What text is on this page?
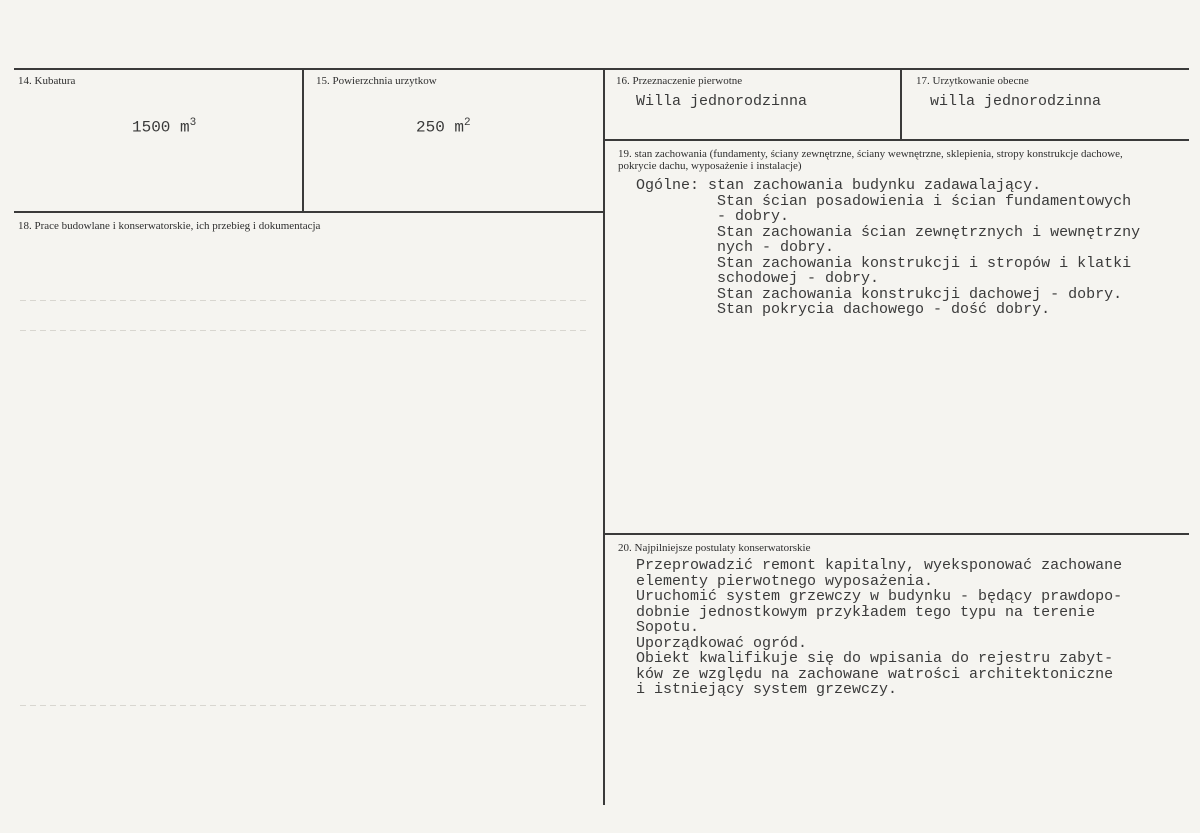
14. Kubatura
1500 $m^3$
15. Powierzchnia urzytkow
250 $m^2$
16. Przeznaczenie pierwotne
Willa jednorodzinna
17. Urzytkowanie obecne
willa jednorodzinna
18. Prace budowlane i konserwatorskie, ich przebieg i dokumentacja
19. stan zachowania (fundamenty, ściany zewnętrzne, ściany wewnętrzne, sklepienia, stropy konstrukcje dachowe, pokrycie dachu, wyposażenie i instalacje)
Ogólne: stan zachowania budynku zadawalający.
Stan ścian posadowienia i ścian fundamentowych
- dobry.
Stan zachowania ścian zewnętrznych i wewnętrzny
nych - dobry.
Stan zachowania konstrukcji i stropów i klatki
schodowej - dobry.
Stan zachowania konstrukcji dachowej - dobry.
Stan pokrycia dachowego - dość dobry.
20. Najpilniejsze postulaty konserwatorskie
Przeprowadzić remont kapitalny, wyeksponować zachowane
elementy pierwotnego wyposażenia.
Uruchomić system grzewczy w budynku - będący prawdopo-
dobnie jednostkowym przykładem tego typu na terenie
Sopotu.
Uporządkować ogród.
Obiekt kwalifikuje się do wpisania do rejestru zabyt-
ków ze względu na zachowane watrości architektoniczne
i istniejący system grzewczy.
